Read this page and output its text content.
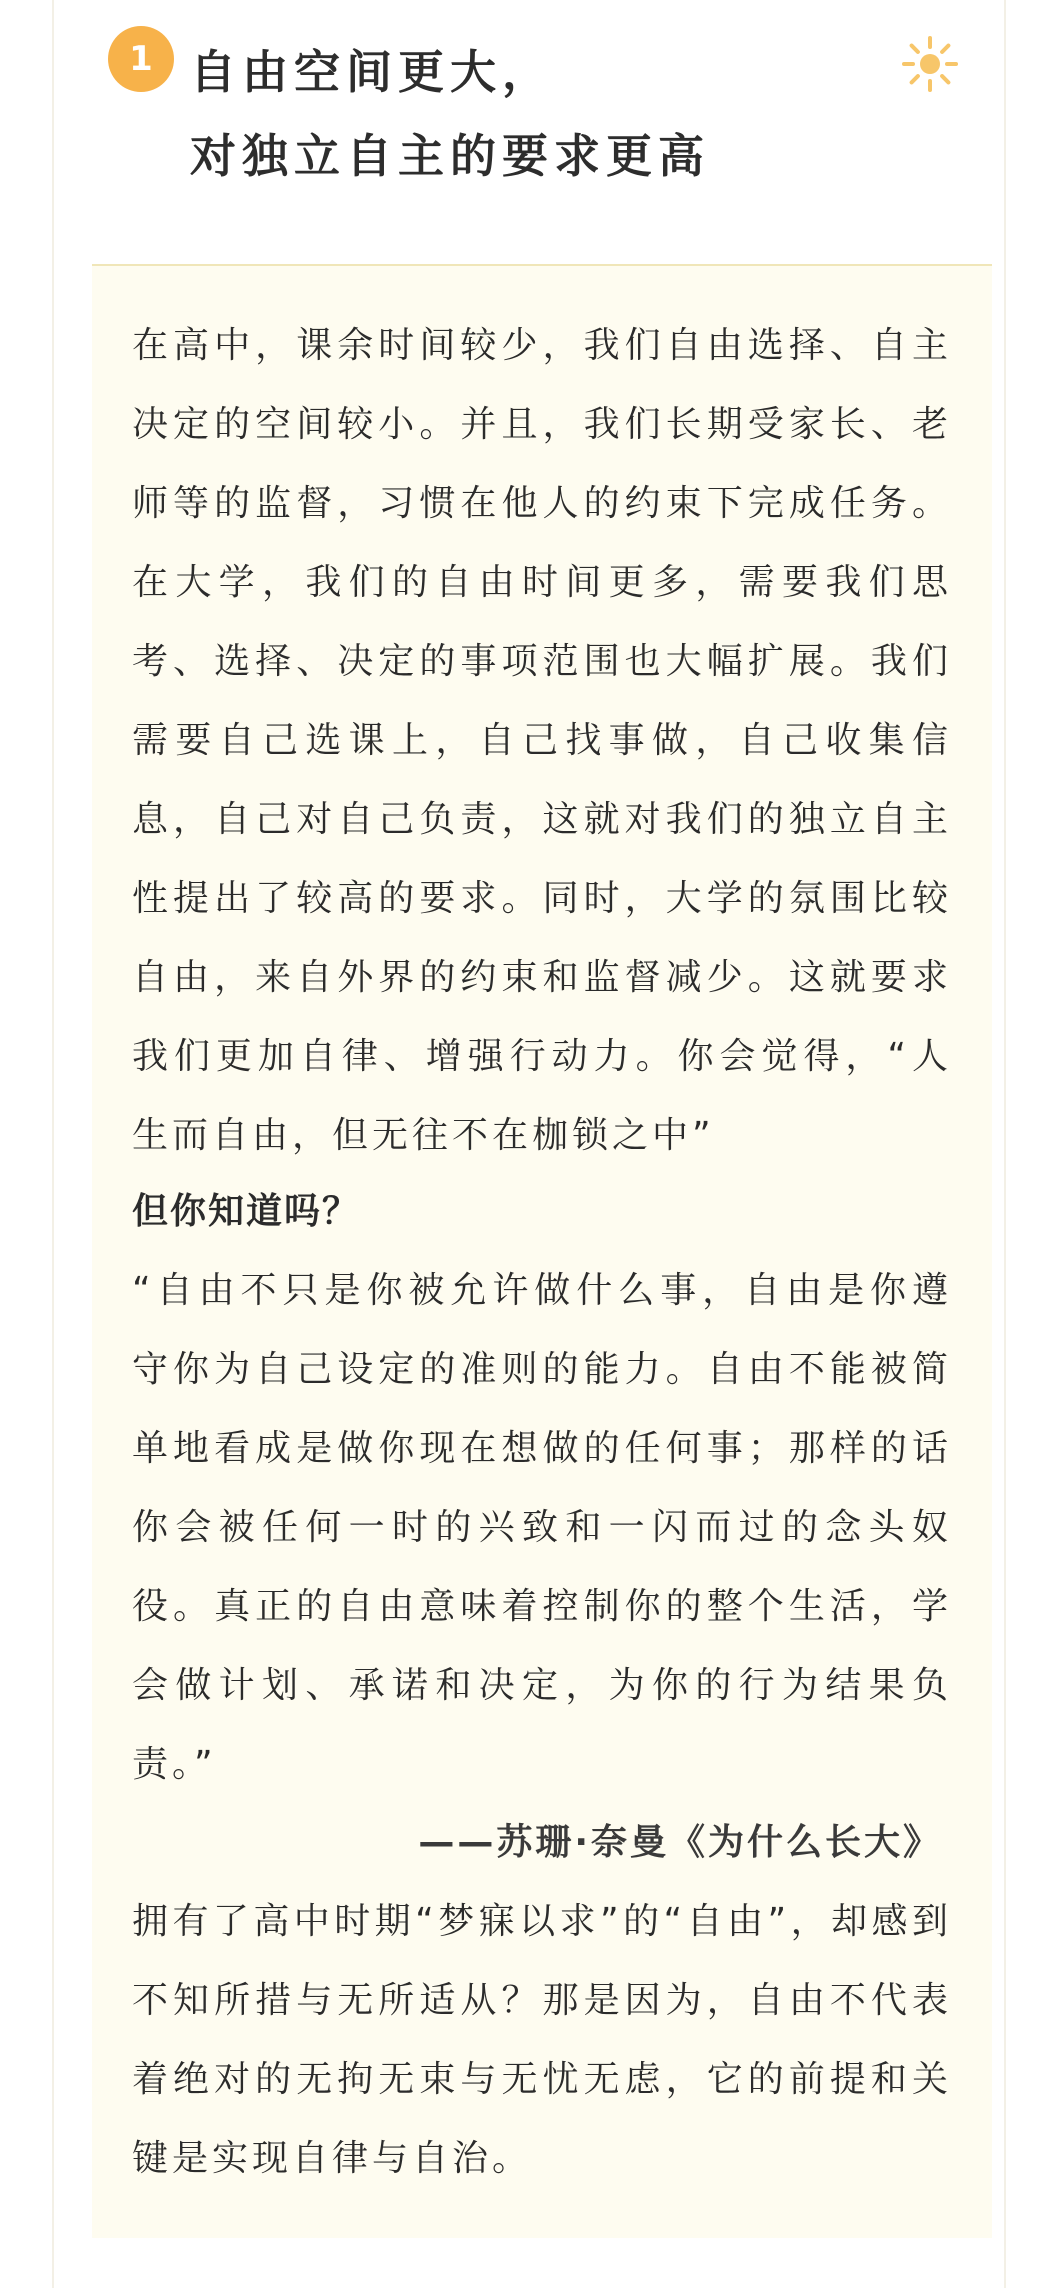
1 自由空间更大，
对独立自主的要求更高

在高中，课余时间较少，我们自由选择、自主决定的空间较小。并且，我们长期受家长、老师等的监督，习惯在他人的约束下完成任务。在大学，我们的自由时间更多，需要我们思考、选择、决定的事项范围也大幅扩展。我们需要自己选课上，自己找事做，自己收集信息，自己对自己负责，这就对我们的独立自主性提出了较高的要求。同时，大学的氛围比较自由，来自外界的约束和监督减少。这就要求我们更加自律、增强行动力。你会觉得，“人生而自由，但无往不在枷锁之中”

但你知道吗？

“自由不只是你被允许做什么事，自由是你遵守你为自己设定的准则的能力。自由不能被简单地看成是做你现在想做的任何事；那样的话你会被任何一时的兴致和一闪而过的念头奴役。真正的自由意味着控制你的整个生活，学会做计划、承诺和决定，为你的行为结果负责。”

——苏珊·奈曼《为什么长大》

拥有了高中时期“梦寐以求”的“自由”，却感到不知所措与无所适从？那是因为，自由不代表着绝对的无拘无束与无忧无虑，它的前提和关键是实现自律与自治。
